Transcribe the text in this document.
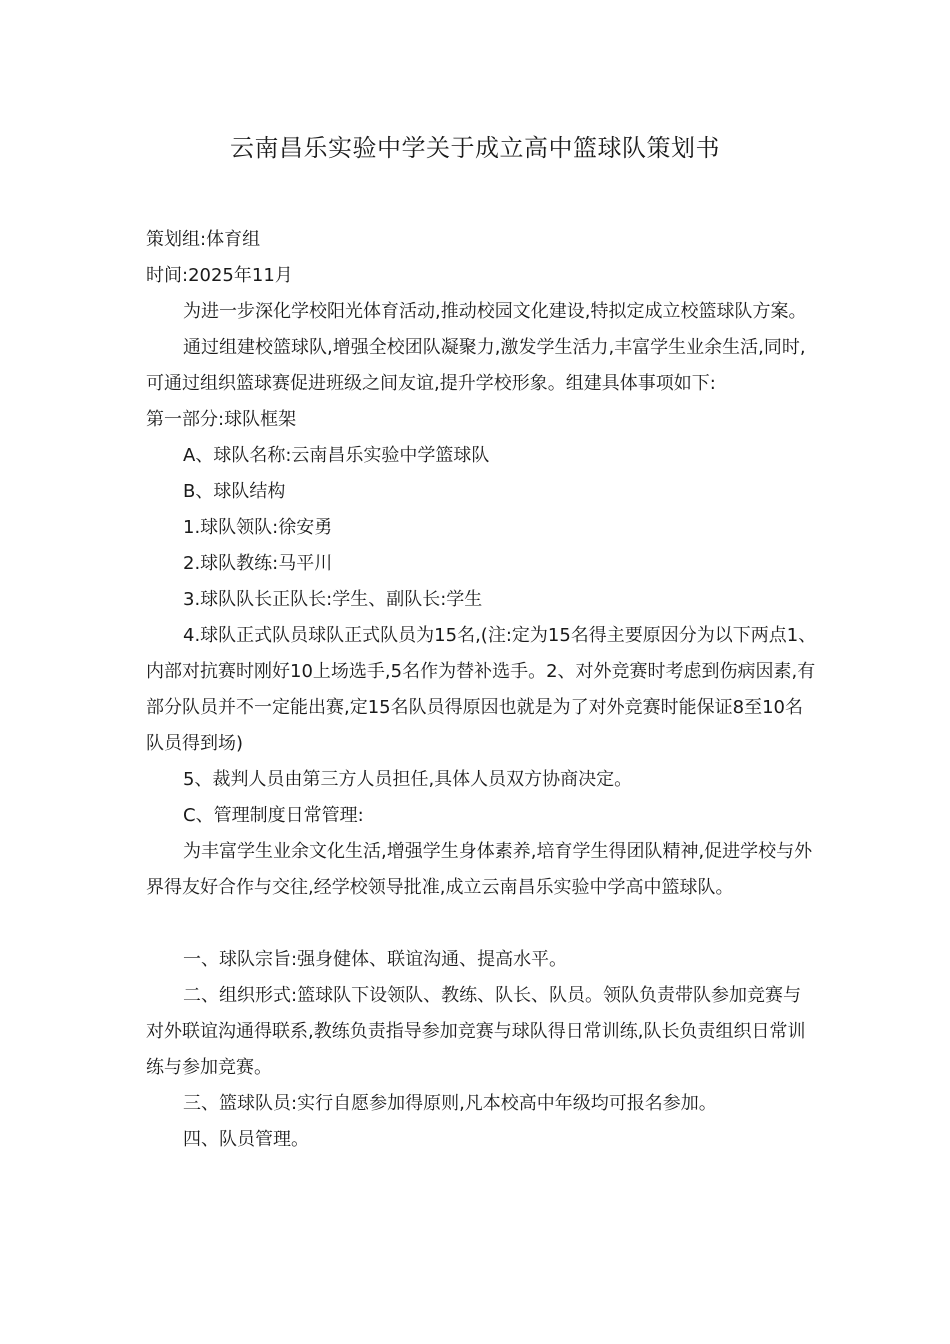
云南昌乐实验中学关于成立高中篮球队策划书

策划组:体育组

时间:2025年11月

为进一步深化学校阳光体育活动,推动校园文化建设,特拟定成立校篮球队方案。

通过组建校篮球队,增强全校团队凝聚力,激发学生活力,丰富学生业余生活,同时,可通过组织篮球赛促进班级之间友谊,提升学校形象。组建具体事项如下:

第一部分:球队框架

A、球队名称:云南昌乐实验中学篮球队

B、球队结构

1.球队领队:徐安勇

2.球队教练:马平川

3.球队队长正队长:学生、副队长:学生

4.球队正式队员球队正式队员为15名,(注:定为15名得主要原因分为以下两点1、内部对抗赛时刚好10上场选手,5名作为替补选手。2、对外竞赛时考虑到伤病因素,有部分队员并不一定能出赛,定15名队员得原因也就是为了对外竞赛时能保证8至10名队员得到场)

5、裁判人员由第三方人员担任,具体人员双方协商决定。

C、管理制度日常管理:

为丰富学生业余文化生活,增强学生身体素养,培育学生得团队精神,促进学校与外界得友好合作与交往,经学校领导批准,成立云南昌乐实验中学高中篮球队。

一、球队宗旨:强身健体、联谊沟通、提高水平。

二、组织形式:篮球队下设领队、教练、队长、队员。领队负责带队参加竞赛与对外联谊沟通得联系,教练负责指导参加竞赛与球队得日常训练,队长负责组织日常训练与参加竞赛。

三、篮球队员:实行自愿参加得原则,凡本校高中年级均可报名参加。

四、队员管理。
